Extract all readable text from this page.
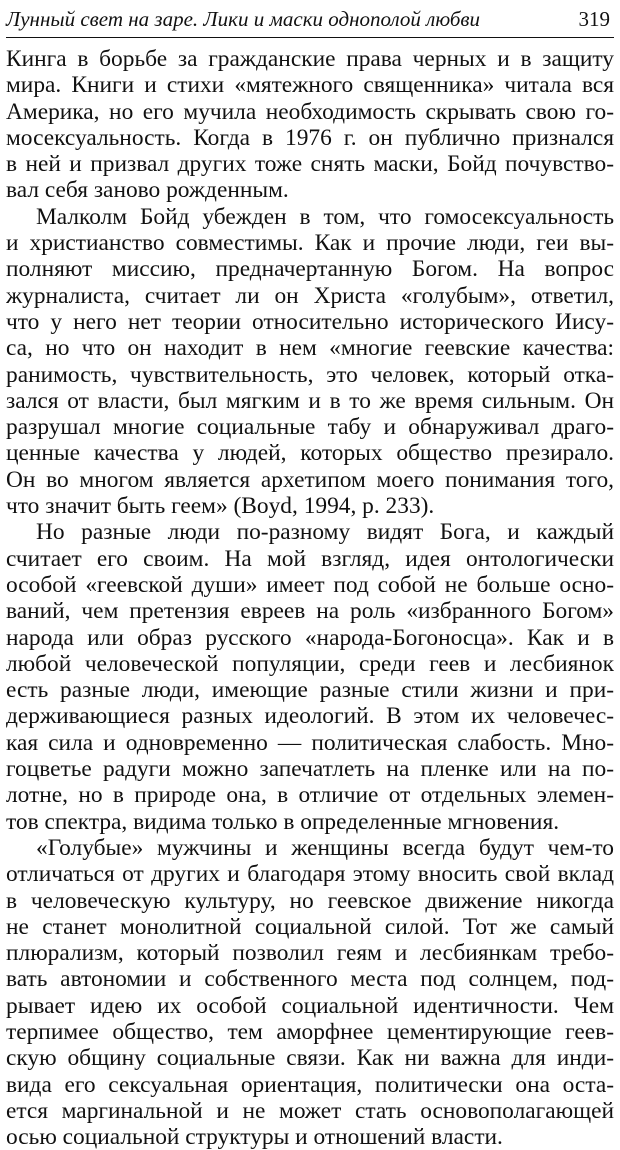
Лунный свет на заре. Лики и маски однополой любви	319
Кинга в борьбе за гражданские права черных и в защиту
мира. Книги и стихи «мятежного священника» читала вся
Америка, но его мучила необходимость скрывать свою го-
мосексуальность. Когда в 1976 г. он публично признался
в ней и призвал других тоже снять маски, Бойд почувство-
вал себя заново рожденным.
Малколм Бойд убежден в том, что гомосексуальность
и христианство совместимы. Как и прочие люди, геи вы-
полняют миссию, предначертанную Богом. На вопрос
журналиста, считает ли он Христа «голубым», ответил,
что у него нет теории относительно исторического Иису-
са, но что он находит в нем «многие геевские качества:
ранимость, чувствительность, это человек, который отка-
зался от власти, был мягким и в то же время сильным. Он
разрушал многие социальные табу и обнаруживал драго-
ценные качества у людей, которых общество презирало.
Он во многом является архетипом моего понимания того,
что значит быть геем» (Boyd, 1994, p. 233).
Но разные люди по-разному видят Бога, и каждый
считает его своим. На мой взгляд, идея онтологически
особой «геевской души» имеет под собой не больше осно-
ваний, чем претензия евреев на роль «избранного Богом»
народа или образ русского «народа-Богоносца». Как и в
любой человеческой популяции, среди геев и лесбиянок
есть разные люди, имеющие разные стили жизни и при-
держивающиеся разных идеологий. В этом их человечес-
кая сила и одновременно — политическая слабость. Мно-
гоцветье радуги можно запечатлеть на пленке или на по-
лотне, но в природе она, в отличие от отдельных элемен-
тов спектра, видима только в определенные мгновения.
«Голубые» мужчины и женщины всегда будут чем-то
отличаться от других и благодаря этому вносить свой вклад
в человеческую культуру, но геевское движение никогда
не станет монолитной социальной силой. Тот же самый
плюрализм, который позволил геям и лесбиянкам требо-
вать автономии и собственного места под солнцем, под-
рывает идею их особой социальной идентичности. Чем
терпимее общество, тем аморфнее цементирующие геев-
скую общину социальные связи. Как ни важна для инди-
вида его сексуальная ориентация, политически она оста-
ется маргинальной и не может стать основополагающей
осью социальной структуры и отношений власти.
